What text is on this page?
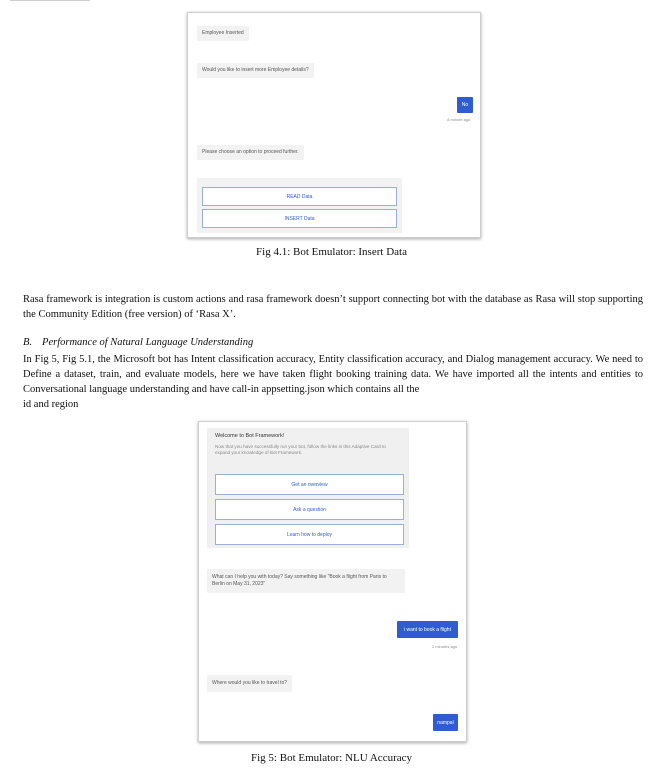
Employee Inserted
Would you like to insert more Employee details?
No
A minute ago
Please choose an option to proceed further.
READ Data
INSERT Data
Fig 4.1: Bot Emulator: Insert Data
Rasa framework is integration is custom actions and rasa framework doesn’t support connecting bot with the database as Rasa will stop supporting the Community Edition (free version) of ‘Rasa X’.
B. Performance of Natural Language Understanding
In Fig 5, Fig 5.1, the Microsoft bot has Intent classification accuracy, Entity classification accuracy, and Dialog management accuracy. We need to Define a dataset, train, and evaluate models, here we have taken flight booking training data. We have imported all the intents and entities to Conversational language understanding and have call-in appsetting.json which contains all the
id and region
Welcome to Bot Framework!
Now that you have successfully run your bot, follow the links in this Adaptive Card to expand your knowledge of Bot Framework.
Get an overview
Ask a question
Learn how to deploy
What can I help you with today? Say something like "Book a flight from Paris to Berlin on May 31, 2023"
i want to book a flight
2 minutes ago
Where would you like to travel to?
nampal
Fig 5: Bot Emulator: NLU Accuracy
